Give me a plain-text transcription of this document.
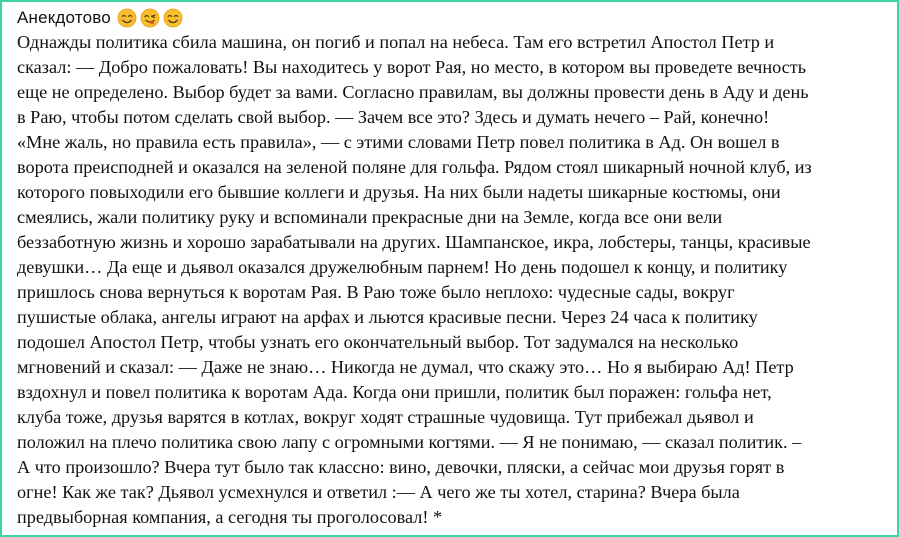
Анекдотово
Однажды политика сбила машина, он погиб и попал на небеса. Там его встретил Апостол Петр и
сказал: — Добро пожаловать! Вы находитесь у ворот Рая, но место, в котором вы проведете вечность
еще не определено. Выбор будет за вами. Согласно правилам, вы должны провести день в Аду и день
в Раю, чтобы потом сделать свой выбор. — Зачем все это? Здесь и думать нечего – Рай, конечно!
«Мне жаль, но правила есть правила», — с этими словами Петр повел политика в Ад. Он вошел в
ворота преисподней и оказался на зеленой поляне для гольфа. Рядом стоял шикарный ночной клуб, из
которого повыходили его бывшие коллеги и друзья. На них были надеты шикарные костюмы, они
смеялись, жали политику руку и вспоминали прекрасные дни на Земле, когда все они вели
беззаботную жизнь и хорошо зарабатывали на других. Шампанское, икра, лобстеры, танцы, красивые
девушки… Да еще и дьявол оказался дружелюбным парнем! Но день подошел к концу, и политику
пришлось снова вернуться к воротам Рая. В Раю тоже было неплохо: чудесные сады, вокруг
пушистые облака, ангелы играют на арфах и льются красивые песни. Через 24 часа к политику
подошел Апостол Петр, чтобы узнать его окончательный выбор. Тот задумался на несколько
мгновений и сказал: — Даже не знаю… Никогда не думал, что скажу это… Но я выбираю Ад! Петр
вздохнул и повел политика к воротам Ада. Когда они пришли, политик был поражен: гольфа нет,
клуба тоже, друзья варятся в котлах, вокруг ходят страшные чудовища. Тут прибежал дьявол и
положил на плечо политика свою лапу с огромными когтями. — Я не понимаю, — сказал политик. –
А что произошло? Вчера тут было так классно: вино, девочки, пляски, а сейчас мои друзья горят в
огне! Как же так? Дьявол усмехнулся и ответил :— А чего же ты хотел, старина? Вчера была
предвыборная компания, а сегодня ты проголосовал! *
